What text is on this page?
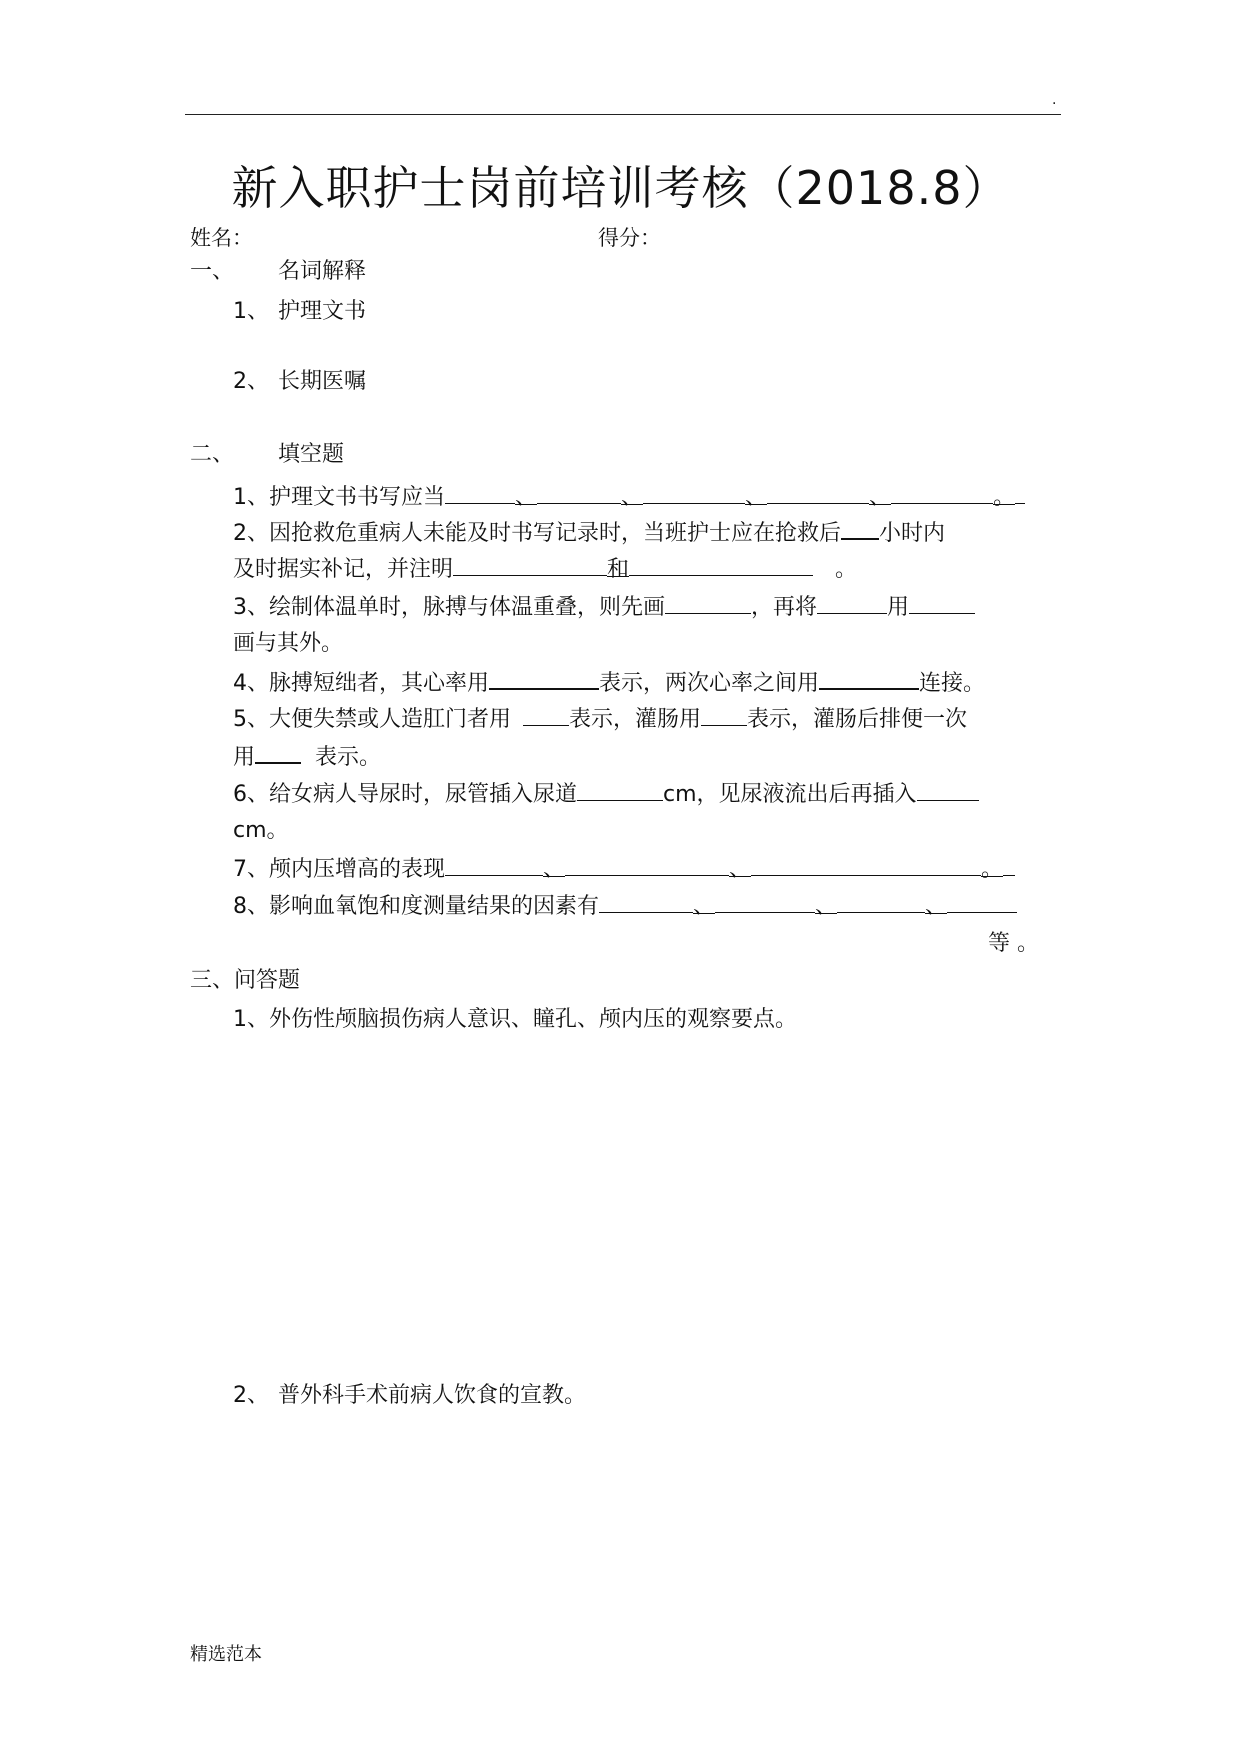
.
新入职护士岗前培训考核（2018.8）
姓名：	得分：
一、 名词解释
1、 护理文书
2、 长期医嘱
二、 填空题
1、护理文书书写应当	、	、	、	、	。
2、因抢救危重病人未能及时书写记录时，当班护士应在抢救后 小时内
及时据实补记，并注明	和	。
3、绘制体温单时，脉搏与体温重叠，则先画	，再将	用
画与其外。
4、脉搏短绌者，其心率用	表示，两次心率之间用	连接。
5、大便失禁或人造肛门者用	表示，灌肠用 表示，灌肠后排便一次
用	表示。
6、给女病人导尿时，尿管插入尿道	cm，见尿液流出后再插入
cm。
7、颅内压增高的表现	、	、	。
8、影响血氧饱和度测量结果的因素有	、	、	、
等 。
三、问答题
1、外伤性颅脑损伤病人意识、瞳孔、颅内压的观察要点。
2、 普外科手术前病人饮食的宣教。
精选范本
